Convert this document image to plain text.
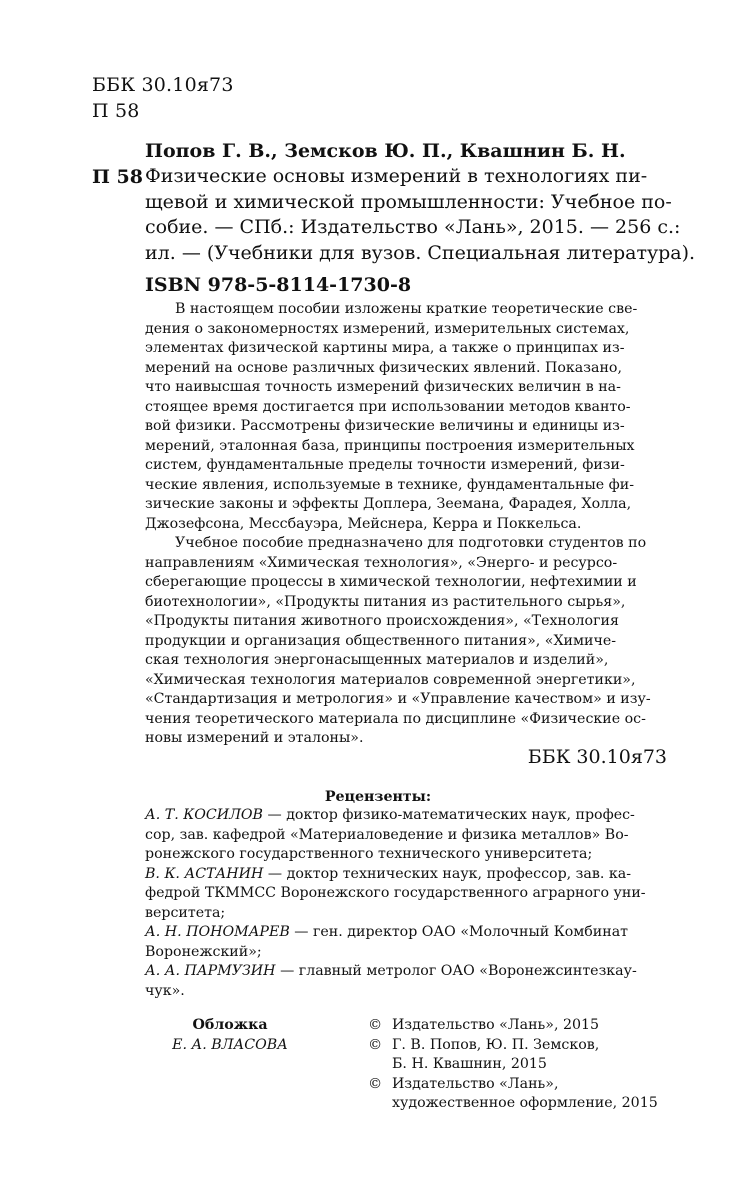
ББК 30.10я73
П 58
Попов Г. В., Земсков Ю. П., Квашнин Б. Н.
П 58 Физические основы измерений в технологиях пи-
щевой и химической промышленности: Учебное по-
собие. — СПб.: Издательство «Лань», 2015. — 256 с.:
ил. — (Учебники для вузов. Специальная литература).
ISBN 978-5-8114-1730-8
В настоящем пособии изложены краткие теоретические све-
дения о закономерностях измерений, измерительных системах,
элементах физической картины мира, а также о принципах из-
мерений на основе различных физических явлений. Показано,
что наивысшая точность измерений физических величин в на-
стоящее время достигается при использовании методов кванто-
вой физики. Рассмотрены физические величины и единицы из-
мерений, эталонная база, принципы построения измерительных
систем, фундаментальные пределы точности измерений, физи-
ческие явления, используемые в технике, фундаментальные фи-
зические законы и эффекты Доплера, Зеемана, Фарадея, Холла,
Джозефсона, Мессбауэра, Мейснера, Керра и Поккельса.
Учебное пособие предназначено для подготовки студентов по
направлениям «Химическая технология», «Энерго- и ресурсо-
сберегающие процессы в химической технологии, нефтехимии и
биотехнологии», «Продукты питания из растительного сырья»,
«Продукты питания животного происхождения», «Технология
продукции и организация общественного питания», «Химиче-
ская технология энергонасыщенных материалов и изделий»,
«Химическая технология материалов современной энергетики»,
«Стандартизация и метрология» и «Управление качеством» и изу-
чения теоретического материала по дисциплине «Физические ос-
новы измерений и эталоны».
ББК 30.10я73
Рецензенты:
А. Т. КОСИЛОВ — доктор физико-математических наук, профес-
сор, зав. кафедрой «Материаловедение и физика металлов» Во-
ронежского государственного технического университета;
В. К. АСТАНИН — доктор технических наук, профессор, зав. ка-
федрой ТКММСС Воронежского государственного аграрного уни-
верситета;
А. Н. ПОНОМАРЕВ — ген. директор ОАО «Молочный Комбинат
Воронежский»;
А. А. ПАРМУЗИН — главный метролог ОАО «Воронежсинтезкау-
чук».
Обложка
Е. А. ВЛАСОВА
© Издательство «Лань», 2015
© Г. В. Попов, Ю. П. Земсков,
Б. Н. Квашнин, 2015
© Издательство «Лань»,
художественное оформление, 2015
